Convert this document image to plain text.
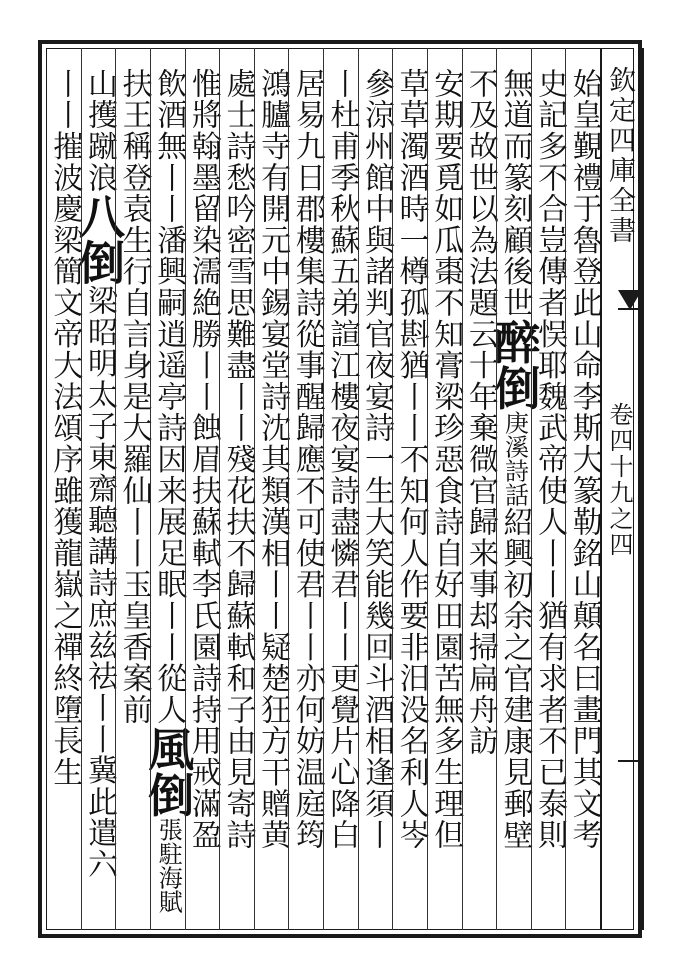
欽定四庫全書
卷四十九之四
始皇覲禮于魯登此山命李斯大篆勒銘山顛名曰畫門其文考
史記多不合豈傳者悮耶魏武帝使人丨丨猶有求者不已泰則
無道而篆刻顧後世醉倒庚溪詩話紹興初余之官建康見郵壁
不及故世以為法題云十年棄㣲官歸来事𨚫掃扁舟訪
安期要覓如瓜棗不知膏梁珍惡食詩自好田園苦無多生理但
草草濁酒時一樽孤斟猶丨丨不知何人作要非汨没名利人岑
參涼州館中與諸判官夜宴詩一生大笑能幾回斗酒相逢須丨
丨杜甫季秋蘇五弟諠江樓夜宴詩盡憐君丨丨更覺片心降白
居易九日郡樓集詩從事醒歸應不可使君丨丨亦何妨温庭筠
鴻臚寺有開元中錫宴堂詩沈其類漢相丨丨疑楚狂方干贈黄
處士詩愁吟密雪思難盡丨丨殘花扶不歸蘇軾和子由見寄詩
惟將翰墨留染濡絶勝丨丨蝕眉扶蘇軾李氏園詩持用戒滿盈
飲酒無丨丨潘興嗣逍遥亭詩因来展足眠丨丨從人風倒張駐海賦
扶王稱登袁生行自言身是大羅仙丨丨玉皇香案前
山擭蹴浪八倒梁昭明太子東齋聽講詩庶兹祛丨丨冀此遣六
丨丨摧波慶梁簡文帝大法頌序雖獲龍嶽之禪終墮長生
